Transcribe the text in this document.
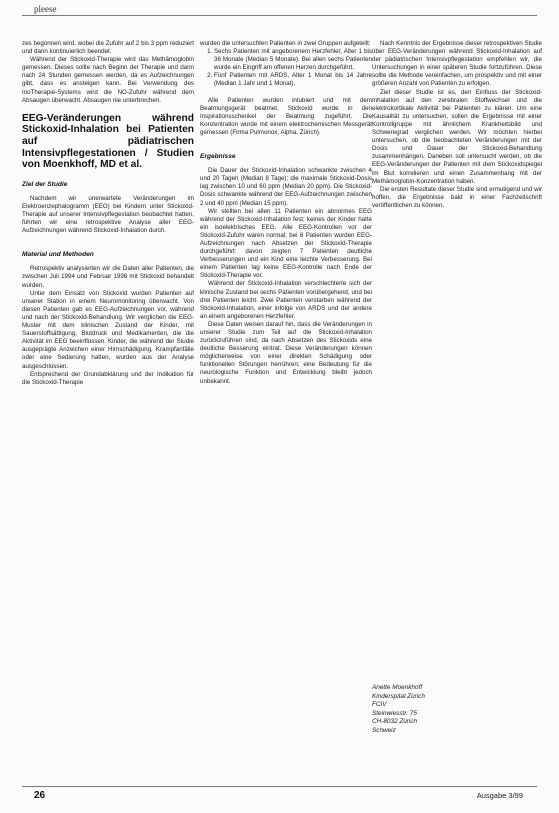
pleese

zes begonnen wird, wobei die Zufuhr auf 2 bis 3 ppm reduziert und dann kontinuierlich beendet.

Während der Stickoxid-Therapie wird das Methämoglobin gemessen. Dieses sollte nach Beginn der Therapie und dann nach 24 Stunden gemessen werden, da es Aufzeichnungen gibt, dass es ansteigen kann. Bei Verwendung des InoTherapie-Systems wird die NO-Zufuhr während dem Absaugen überwacht. Absaugen nie unterbrechen.

EEG-Veränderungen während Stickoxid-Inhalation bei Patienten auf pädiatrischen Intensivpflegestationen / Studien von Moenkhoff, MD et al.
Ziel der Studie

Nachdem wir unerwartete Veränderungen im Elektroenzephalogramm (EEG) bei Kindern unter Stickoxid-Therapie auf unserer Intensivpflegestation beobachtet hatten, führten wir eine retrospektive Analyse aller EEG-Aufzeichnungen während Stickoxid-Inhalation durch.

Material und Methoden

Retrospektiv analysierten wir die Daten aller Patienten, die zwischen Juli 1994 und Februar 1998 mit Stickoxid behandelt wurden.

Unter dem Einsatz von Stickoxid wurden Patienten auf unserer Station in einem Neuromonitoring überwacht. Von diesen Patienten gab es EEG-Aufzeichnungen vor, während und nach der Stickoxid-Behandlung. Wir verglichen die EEG-Muster mit dem klinischen Zustand der Kinder, mit Sauerstoffsättigung, Blutdruck und Medikamenten, die die Aktivität im EEG beeinflussen. Kinder, die während der Studie ausgeprägte Anzeichen einer Hirnschädigung, Krampfanfälle oder eine Sedierung hatten, wurden aus der Analyse ausgeschlossen.

Entsprechend der Grundabklärung und der Indikation für die Stickoxid-Therapie

wurden die untersuchten Patienten in zwei Gruppen aufgeteilt:

1. Sechs Patienten mit angeborenem Herzfehler, Alter 1 bis 36 Monate (Median 5 Monate). Bei allen sechs Patienten wurde ein Eingriff am offenen Herzen durchgeführt.
2. Fünf Patienten mit ARDS, Alter 1 Monat bis 14 Jahre (Median 1 Jahr und 1 Monat).

Alle Patienten wurden intubiert und mit dem Beatmungsgerät beatmet. Stickoxid wurde in den Inspirationsschenkel der Beatmung zugeführt. Die Konzentration wurde mit einem elektrochemischen Messgerät gemessen (Firma Pulmonox, Alpha, Zürich).

Ergebnisse

Die Dauer der Stickoxid-Inhalation schwankte zwischen 4 und 20 Tagen (Median 8 Tage); die maximale Stickoxid-Dosis lag zwischen 10 und 60 ppm (Median 20 ppm). Die Stickoxid-Dosis schwankte während der EEG-Aufzeichnungen zwischen 2 und 40 ppm (Median 15 ppm).

Wir stellten bei allen 11 Patienten ein abnormes EEG während der Stickoxid-Inhalation fest; keines der Kinder hatte ein isoelektrisches EEG. Alle EEG-Kontrollen vor der Stickoxid-Zufuhr waren normal; bei 8 Patienten wurden EEG-Aufzeichnungen nach Absetzen der Stickoxid-Therapie durchgeführt: davon zeigten 7 Patienten deutliche Verbesserungen und ein Kind eine leichte Verbesserung. Bei einem Patienten lag keine EEG-Kontrolle nach Ende der Stickoxid-Therapie vor.

Während der Stickoxid-Inhalation verschlechterte sich der klinische Zustand bei sechs Patienten vorübergehend, und bei drei Patienten leicht. Zwei Patienten verstarben während der Stickoxid-Inhalation, einer infolge von ARDS und der andere an einem angeborenen Herzfehler.

Diese Daten weisen darauf hin, dass die Veränderungen in unserer Studie zum Teil auf die Stickoxid-Inhalation zurückzuführen sind, da nach Absetzen des Stickoxids eine deutliche Besserung eintrat. Diese Veränderungen können möglicherweise von einer direkten Schädigung oder funktionellen Störungen herrühren; eine Bedeutung für die neurologische Funktion und Entwicklung bleibt jedoch unbekannt.

Nach Kenntnis der Ergebnisse dieser retrospektiven Studie über EEG-Veränderungen während Stickoxid-Inhalation auf der pädiatrischen Intensivpflegestation empfehlen wir, die Untersuchungen in einer späteren Studie fortzuführen. Diese sollte die Methode vereinfachen, um prospektiv und mit einer größeren Anzahl von Patienten zu erfolgen.

Ziel dieser Studie ist es, den Einfluss der Stickoxid-Inhalation auf den zerebralen Stoffwechsel und die elektrokortikale Aktivität bei Patienten zu klären. Um eine Kausalität zu untersuchen, sollen die Ergebnisse mit einer Kontrollgruppe mit ähnlichem Krankheitsbild und Schweregrad verglichen werden. Wir möchten hierbei untersuchen, ob die beobachteten Veränderungen mit der Dosis und Dauer der Stickoxid-Behandlung zusammenhängen. Daneben soll untersucht werden, ob die EEG-Veränderungen der Patienten mit dem Stickoxidspiegel im Blut korrelieren und einen Zusammenhang mit der Methämoglobin-Konzentration haben.

Die ersten Resultate dieser Studie sind ermutigend und wir hoffen, die Ergebnisse bald in einer Fachzeitschrift veröffentlichen zu können.

Anette Moenkhoff
Kinderspital Zürich
FCIV
Steinwiesstr. 75
CH-8032 Zürich
Schweiz
26	Ausgabe 3/99
